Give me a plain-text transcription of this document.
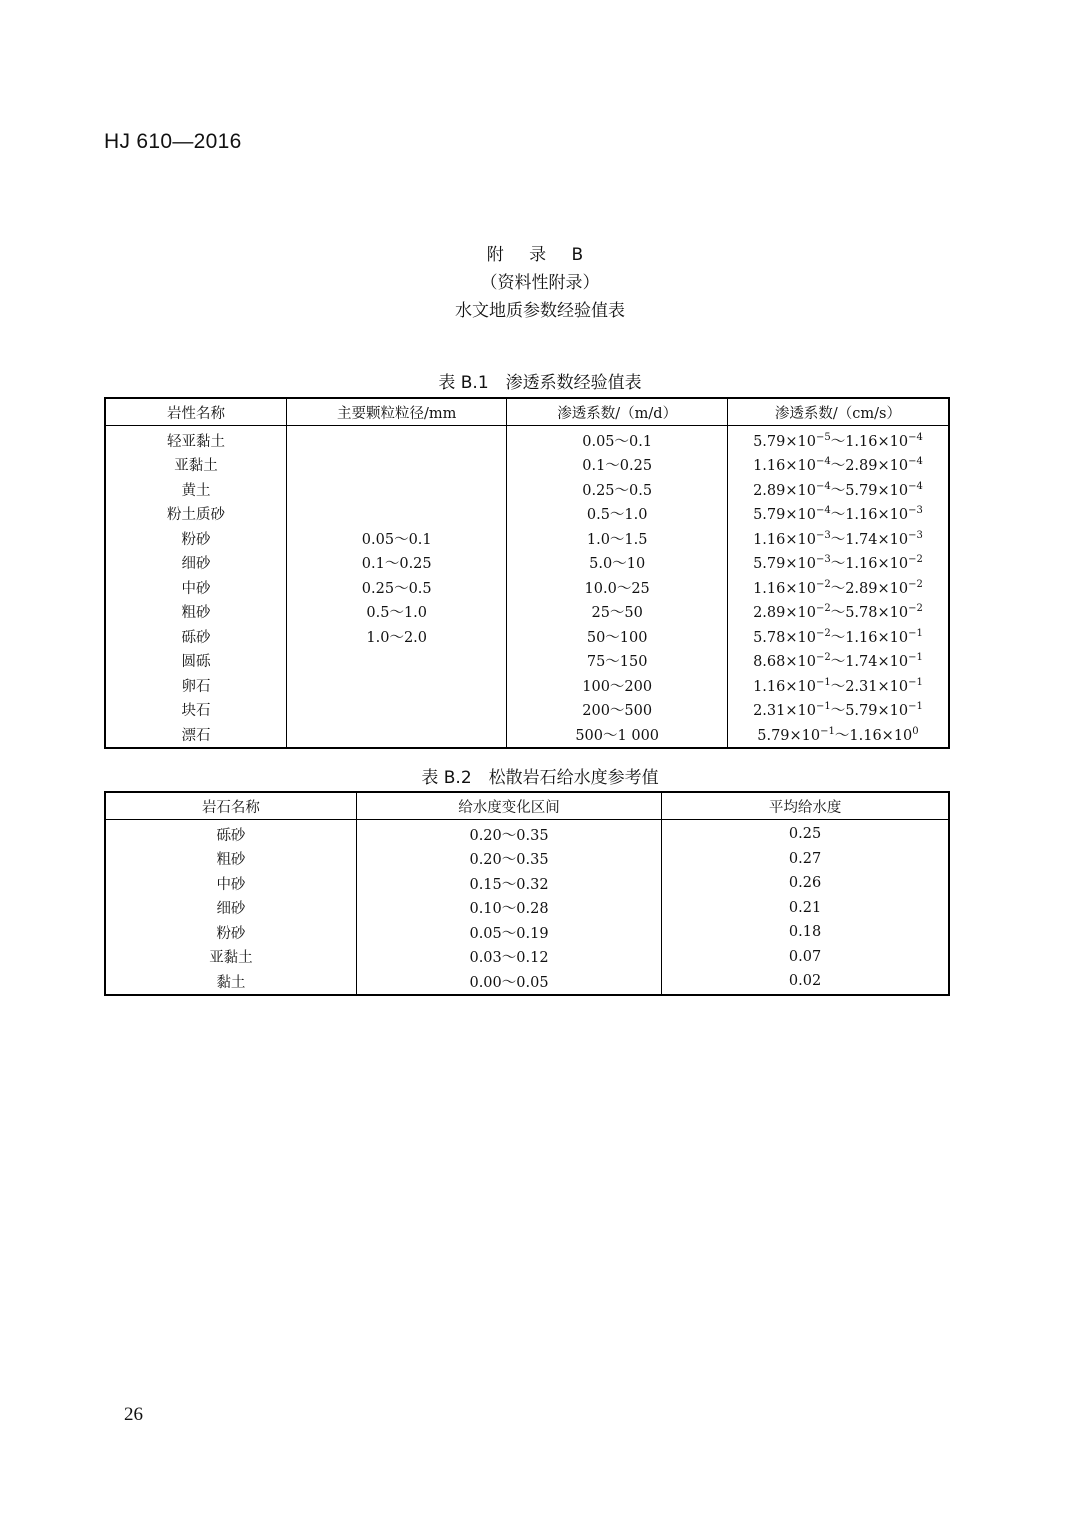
HJ 610—2016
附 录 B
（资料性附录）
水文地质参数经验值表
表 B.1　渗透系数经验值表
岩性名称	主要颗粒粒径/mm	渗透系数/（m/d）	渗透系数/（cm/s）
轻亚黏土		0.05～0.1	$5.79\times 10^{-5}\sim 1.16\times 10^{-4}$
亚黏土		0.1～0.25	$1.16\times 10^{-4}\sim 2.89\times 10^{-4}$
黄土		0.25～0.5	$2.89\times 10^{-4}\sim 5.79\times 10^{-4}$
粉土质砂		0.5～1.0	$5.79\times 10^{-4}\sim 1.16\times 10^{-3}$
粉砂	0.05～0.1	1.0～1.5	$1.16\times 10^{-3}\sim 1.74\times 10^{-3}$
细砂	0.1～0.25	5.0～10	$5.79\times 10^{-3}\sim 1.16\times 10^{-2}$
中砂	0.25～0.5	10.0～25	$1.16\times 10^{-2}\sim 2.89\times 10^{-2}$
粗砂	0.5～1.0	25～50	$2.89\times 10^{-2}\sim 5.78\times 10^{-2}$
砾砂	1.0～2.0	50～100	$5.78\times 10^{-2}\sim 1.16\times 10^{-1}$
圆砾		75～150	$8.68\times 10^{-2}\sim 1.74\times 10^{-1}$
卵石		100～200	$1.16\times 10^{-1}\sim 2.31\times 10^{-1}$
块石		200～500	$2.31\times 10^{-1}\sim 5.79\times 10^{-1}$
漂石		500～1 000	$5.79\times 10^{-1}\sim 1.16\times 10^0$
表 B.2　松散岩石给水度参考值
岩石名称	给水度变化区间	平均给水度
砾砂	0.20～0.35	0.25
粗砂	0.20～0.35	0.27
中砂	0.15～0.32	0.26
细砂	0.10～0.28	0.21
粉砂	0.05～0.19	0.18
亚黏土	0.03～0.12	0.07
黏土	0.00～0.05	0.02
26
